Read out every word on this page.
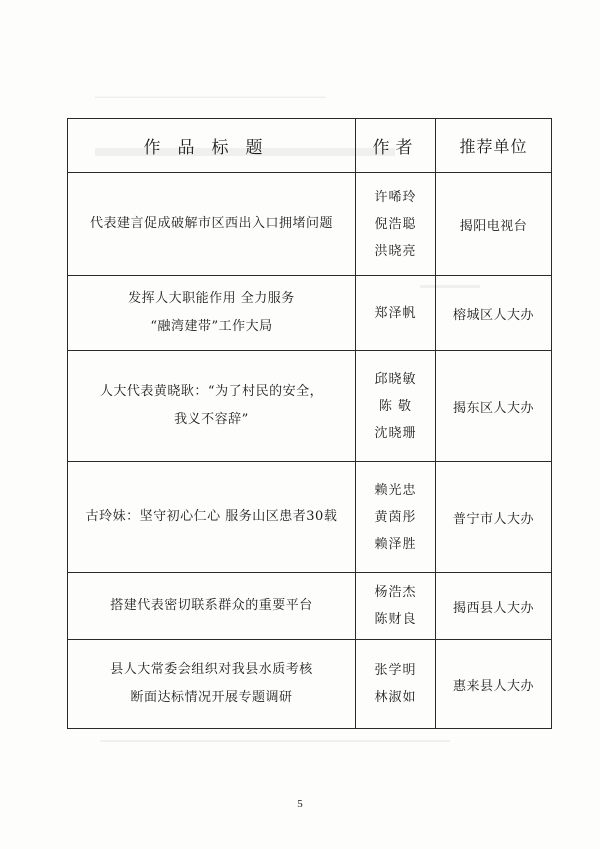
▔▔▔▔▔▔▔▔▔▔▔▔▔▔▔▔▔▔▔▔▔▔▔▔▔▔▔▔▔▔
作品标题	作者	推荐单位

代表建言促成破解市区西出入口拥堵问题	许唏玲
倪浩聪
洪晓亮	揭阳电视台

发挥人大职能作用 全力服务
“融湾建带”工作大局	郑泽帆	榕城区人大办

人大代表黄晓耿：“为了村民的安全，
我义不容辞”	邱晓敏
陈 敬
沈晓珊	揭东区人大办

古玲妹：坚守初心仁心 服务山区患者30载	赖光忠
黄茵彤
赖泽胜	普宁市人大办

搭建代表密切联系群众的重要平台	杨浩杰
陈财良	揭西县人大办

县人大常委会组织对我县水质考核
断面达标情况开展专题调研	张学明
林淑如	惠来县人大办
5
